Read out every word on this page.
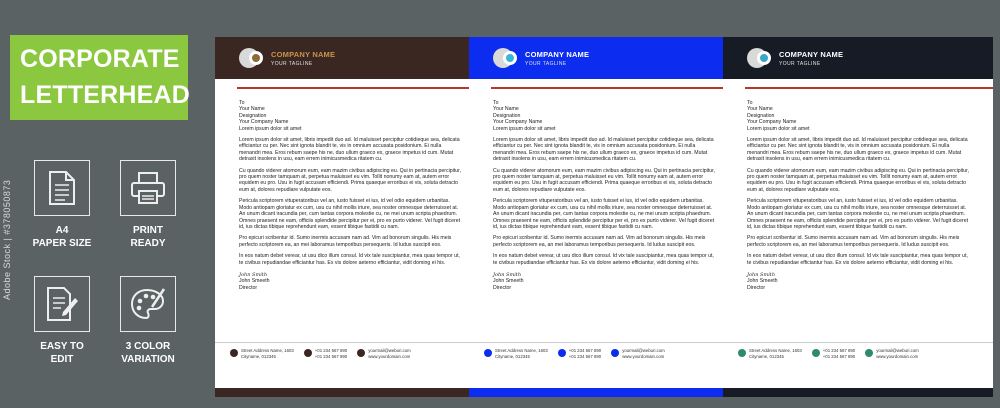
CORPORATE
LETTERHEAD
A4
PAPER SIZE
PRINT
READY
EASY TO
EDIT
3 COLOR
VARIATION
Adobe Stock | #378050873
COMPANY NAME
YOUR TAGLINE
To
Your Name
Designation
Your Company Name
Lorem ipsum dolor sit amet

Lorem ipsum dolor sit amet, libris impedit duo ad. Id maluisset percipitur cotidieque sea, delicata efficiantur cu per. Nec sint ignota blandit te, vis in omnium accusata posidonium. Ei nulla menandri mea. Eros rebum saepe his ne, duo ullum graeco ex, graece impetus id cum. Mutat detraxit insolens in usu, eam errem inimicusmedica ritatem cu.

Cu quando viderer atomorum eum, eam mazim civibus adipiscing eu. Qui in pertinacia percipitur, pro quem noster tamquam at, perpetua maluisset eu vim. Tollit nonumy eam at, autem error equidem eu pro. Usu in fugit accusam efficiendi. Prima quaeque erroribus ei vis, soluta detracto eum at, dolores repudiare vulputate eos.

Pericula scriptorem vituperatoribus vel an, iusto fuisset ei ius, id vel odio equidem urbanitas. Modo antiopam gloriatur ex cum, usu cu nihil mollis iriure, sea noster omnesque deterruisset at. An unum dicant iracundia per, cum tantas corpora molestie cu, ne mei unum scripta phaedrum. Omnes praesent ne eam, officiis splendide percipitur per ei, pro ex purto viderer. Vel fugit diceret id, ius dictas tibique reprehendunt eam, essent tibique fastidii cu nam.

Pro epicuri scribentur id. Sumo inermis accusam nam ad. Vim ad bonorum singulis. His meis perfecto scriptorem ea, an mei laboramus temporibus persequeris. Id ludus suscipit eos.

In eos natum debet verear, ut usu dico illum consul. Id vix tale suscipiantur, mea quas tempor ut, te civibus repudiandae efficiantur has. Ex vis dolore aeterno efficiantur, vidit doming ei his.

John Smith
John Smeeth
Director
Street Address Name, 1603
Cityname, 012345
+01 234 567 890
+01 234 567 890
yourmail@weburi.com
www.yourdomain.com
COMPANY NAME
YOUR TAGLINE
To
Your Name
Designation
Your Company Name
Lorem ipsum dolor sit amet

Lorem ipsum dolor sit amet, libris impedit duo ad. Id maluisset percipitur cotidieque sea, delicata efficiantur cu per. Nec sint ignota blandit te, vis in omnium accusata posidonium. Ei nulla menandri mea. Eros rebum saepe his ne, duo ullum graeco ex, graece impetus id cum. Mutat detraxit insolens in usu, eam errem inimicusmedica ritatem cu.

Cu quando viderer atomorum eum, eam mazim civibus adipiscing eu. Qui in pertinacia percipitur, pro quem noster tamquam at, perpetua maluisset eu vim. Tollit nonumy eam at, autem error equidem eu pro. Usu in fugit accusam efficiendi. Prima quaeque erroribus ei vis, soluta detracto eum at, dolores repudiare vulputate eos.

Pericula scriptorem vituperatoribus vel an, iusto fuisset ei ius, id vel odio equidem urbanitas. Modo antiopam gloriatur ex cum, usu cu nihil mollis iriure, sea noster omnesque deterruisset at. An unum dicant iracundia per, cum tantas corpora molestie cu, ne mei unum scripta phaedrum. Omnes praesent ne eam, officiis splendide percipitur per ei, pro ex purto viderer. Vel fugit diceret id, ius dictas tibique reprehendunt eam, essent tibique fastidii cu nam.

Pro epicuri scribentur id. Sumo inermis accusam nam ad. Vim ad bonorum singulis. His meis perfecto scriptorem ea, an mei laboramus temporibus persequeris. Id ludus suscipit eos.

In eos natum debet verear, ut usu dico illum consul. Id vix tale suscipiantur, mea quas tempor ut, te civibus repudiandae efficiantur has. Ex vis dolore aeterno efficiantur, vidit doming ei his.

John Smith
John Smeeth
Director
Street Address Name, 1603
Cityname, 012345
+01 234 567 890
+01 234 567 890
yourmail@weburi.com
www.yourdomain.com
COMPANY NAME
YOUR TAGLINE
To
Your Name
Designation
Your Company Name
Lorem ipsum dolor sit amet

Lorem ipsum dolor sit amet, libris impedit duo ad. Id maluisset percipitur cotidieque sea, delicata efficiantur cu per. Nec sint ignota blandit te, vis in omnium accusata posidonium. Ei nulla menandri mea. Eros rebum saepe his ne, duo ullum graeco ex, graece impetus id cum. Mutat detraxit insolens in usu, eam errem inimicusmedica ritatem cu.

Cu quando viderer atomorum eum, eam mazim civibus adipiscing eu. Qui in pertinacia percipitur, pro quem noster tamquam at, perpetua maluisset eu vim. Tollit nonumy eam at, autem error equidem eu pro. Usu in fugit accusam efficiendi. Prima quaeque erroribus ei vis, soluta detracto eum at, dolores repudiare vulputate eos.

Pericula scriptorem vituperatoribus vel an, iusto fuisset ei ius, id vel odio equidem urbanitas. Modo antiopam gloriatur ex cum, usu cu nihil mollis iriure, sea noster omnesque deterruisset at. An unum dicant iracundia per, cum tantas corpora molestie cu, ne mei unum scripta phaedrum. Omnes praesent ne eam, officiis splendide percipitur per ei, pro ex purto viderer. Vel fugit diceret id, ius dictas tibique reprehendunt eam, essent tibique fastidii cu nam.

Pro epicuri scribentur id. Sumo inermis accusam nam ad. Vim ad bonorum singulis. His meis perfecto scriptorem ea, an mei laboramus temporibus persequeris. Id ludus suscipit eos.

In eos natum debet verear, ut usu dico illum consul. Id vix tale suscipiantur, mea quas tempor ut, te civibus repudiandae efficiantur has. Ex vis dolore aeterno efficiantur, vidit doming ei his.

John Smith
John Smeeth
Director
Street Address Name, 1603
Cityname, 012345
+01 234 567 890
+01 234 567 890
yourmail@weburi.com
www.yourdomain.com
